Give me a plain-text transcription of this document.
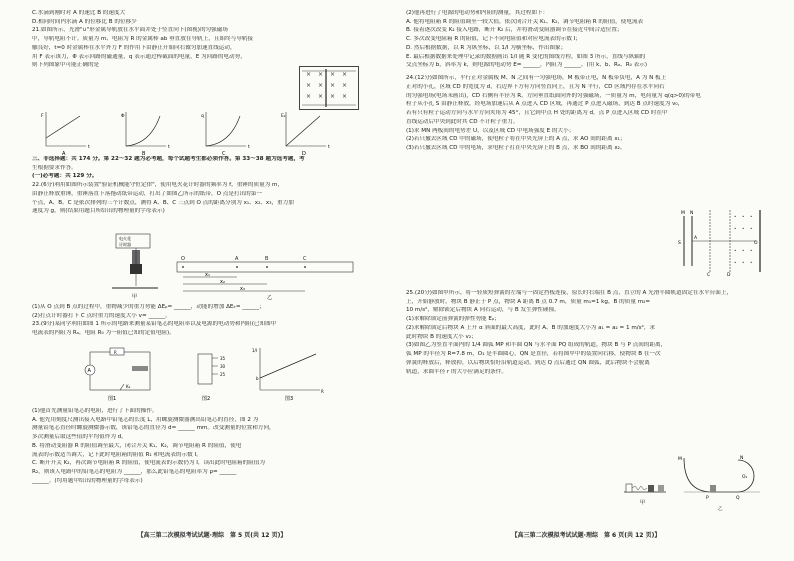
C.水滴到刚时对 A 的速比 B 的速度大
D.相同时间内水滴 A 的位移比 B 的位移少
21.如图所示，光滑"∪"形金属导轨放在水平面并处于竖直向下(图视)的匀强磁场
中，导轨电阻不计。质量为 m、电阻为 R 的金属棒 ab 垂直放在导轨上，且始终与导轨接
触良好，t=0 时金属棒在水平外力 F 的作用下由静止开始向右做匀加速直线运动，
用 F 表示该力，Φ 表示回路的磁通量，q 表示通过棒截面的电量，E 为回路的电动势，
则下列图象中可能正确的是
× × × ×
× × × ×
× × × ×
F
t
A
Φ
t
B
q
t
C
Eₖ
t
D
三、非选择题：共 174 分。第 22～32 题为必考题，每个试题考生都必须作答。第 33～38 题为选考题，考
生根据要求作答。
(一)必考题：共 129 分。
22.(6分)利用如图所示装置"验证机械能守恒定律"，使用电火花计时器的频率为 f，重锤的质量为 m，
由静止释放重锤，重锤落直下落拖动纸带运动，打出了如图乙所示的纸带，O 点是打出的第一
个点，A、B、C 是依次排列的三个计数点，测得 A、B、C 三点到 O 点的距离分别为 x₁、x₂、x₃，重力加
速度为 g，则(结果用题目所给出的物理量的字母表示)
电火花
计时器
甲
O	A	B	C
x₁
x₂
x₃
乙
(1)从 O 点到 B 点的过程中，重物减少的重力势能 ΔEₚ= ______，动能的增加 ΔEₖ= ______；
(2)打点计时器打下 C 点时重力的速度大小 v= ______。
23.(9分)某同学利用如图 1 所示的电路来测量某铅笔芯的电阻率以及电源的电动势和内阻(已知图中
电流表的内阻为 Rₐ，电阻 R₀ 为一阻值已知的定值电阻)。
A
R
K₂
图1
35
30
25
图2
1/I
R
b
图3
(1)他首先测量铅笔芯的电阻，进行了下面的操作。
A. 他先用刻度尺测出接入电路中铅笔芯的长度 L，用螺旋测微器测出铅笔芯的直径，图 2 为
测量铅笔芯直径时螺旋测微器示数，该铅笔芯的直径为 d= ______ mm。改变测量的位置和方向，
多次测量后取这些值的平均值作为 d。
B. 将滑动变阻器 R 的阻值调至最大，闭合开关 K₁、K₂，调节电阻箱 R 的阻值，使电
流表的示数适当调大，记下此时电阻箱的阻值 R₁ 和电流表的示数 I。
C. 断开开关 K₂，再次调节电阻箱 R 的阻值，使电流表的示数仍为 I，读出此时电阻箱的阻值为
R₂，则该人电路中的铅笔芯的电阻为 ______，那么此铅笔芯的电阻率为 ρ= ______
______。(均用题中给出的物理量的字母表示)
【高三第二次模拟考试试题·理综　第 5 页(共 12 页)】
(2)他再进行了电源的电动势和内阻的测量，其过程如下：
A. 他将电阻箱 R 的阻值调至一较大值，依次闭合开关 K₁、K₂，调节电阻箱 R 的阻值，使电流表
B. 接着逐次改变 K₂ 接入电路，断开 K₂ 后，并将滑动变阻器调节在接近中间合适位置；
C. 多次改变电阻箱 R 的阻值，记下不同电阻值和对应电流表的示数 I；
D. 然后根据数据，以 R 为纵坐标，以 1/I 为横坐标，作出图象；
E. 最后根据数据来处理中记录的数据画出 1/I 随 R 变化的图线方程，如图 3 所示，直线与纵轴的
交点坐标为 b，斜率为 k，则电源的电动势 E= ______，内阻为 ______。(用 k、b、Rₐ、R₀ 表示)
24.(12分)如图所示，平行正对金属板 M、N 之间有一匀强电场，M 板带正电，N 板带负电，A 为 N 板上
正对的小孔，区域 CD 的宽度为 d，右边界下方有方向竖直向上，且为 N 平行，CD 区域内存在水平向右
的匀强电场(电场未画出)，CD 右侧有半径为 R，方向垂直纸面向外的匀强磁场，一质量为 m，电荷量为 q(q>0)的带电
粒子从小孔 S 由静止释放，经电场加速后从 A 点进入 CD 区域，再通过 P 点进入磁场，到达 B 点时速度为 v₀，
若有只有粒子运动方向与水平方向夹角为 45°，且它到中点 H 处的距离为 d，点 P 点进入区域 CD 时在中
直线运动后中央到此时其 CD 不计粒子重力。
(1)求 MN 两板间的电势差 U，以及区域 CD 中电场强度 E 的大小；
(2)若只撤去区域 CD 中的磁场，使电粒子将在中央光屏上的 A 点，求 AO 间的距离 x₁；
(3)若只撤去区域 CD 中的电场，求电粒子打在中央光屏上的 B 点，求 BO 间的距离 x₂。
• • •
• • •
• • •
• • •
M N
S
A
C	D
O
25.(20分)如图甲所示，将一轻质短弹簧的左端与一固定挡板连接，原长时右端在 B 点，直立的 A 光滑半圆轨道固定在水平台面上，
上，开始静放时，物块 B 静止于 P 点，物块 A 距离 B 点 0.7 m，质量 m₁=1 kg，B 的质量 m₂=
10 m/s²，解除锁定后物块 A 向右运动，与 B 发生弹性碰撞。
(1)求解除锁定前弹簧的弹性势能 Eₚ；
(2)求解除锁定后物块 A 上升 α 斜面的最大高度，此时 A、B 的加速度大小为 a₁ = a₂ = 1 m/s²，求
此时物块 B 的速度大小 v₂；
(3)如图乙为竖直平面内的 1/4 圆弧 MP 和半圆 QN 与水平面 PQ 组成的轨道，物块 B 与 P 点间的距离，
弧 MP 的半径为 R=7.8 m，O₁ 是半圆圆心，QN 是直径，若将图甲中的装置向右移，使物块 B 在一次
弹簧的释放后，释放掉，以后物块恰好沿轨道运动，到达 Q 点后通过 QN 圆弧，此后物块不会脱离
轨道，求圆半径 r 的大小应满足的条件。
甲
M	N
P	Q
O₁
乙
【高三第二次模拟考试试题·理综　第 6 页(共 12 页)】
